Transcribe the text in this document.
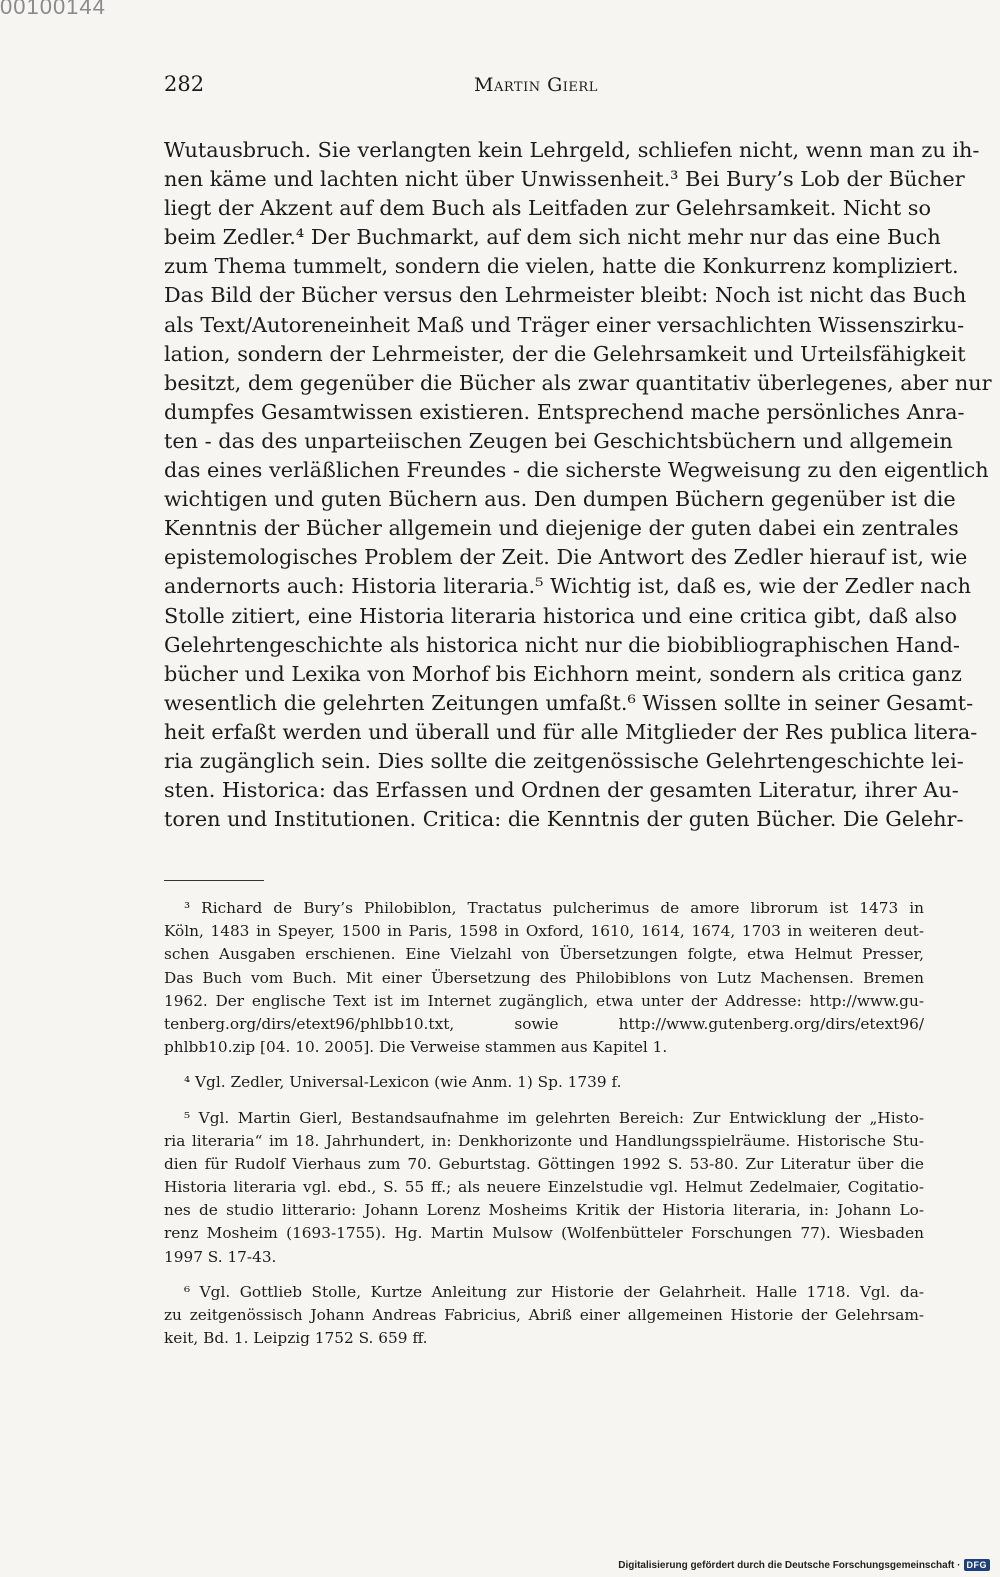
00100144
282	Martin Gierl
Wutausbruch. Sie verlangten kein Lehrgeld, schliefen nicht, wenn man zu ih-
nen käme und lachten nicht über Unwissenheit.³ Bei Bury’s Lob der Bücher
liegt der Akzent auf dem Buch als Leitfaden zur Gelehrsamkeit. Nicht so
beim Zedler.⁴ Der Buchmarkt, auf dem sich nicht mehr nur das eine Buch
zum Thema tummelt, sondern die vielen, hatte die Konkurrenz kompliziert.
Das Bild der Bücher versus den Lehrmeister bleibt: Noch ist nicht das Buch
als Text/Autoreneinheit Maß und Träger einer versachlichten Wissenszirku-
lation, sondern der Lehrmeister, der die Gelehrsamkeit und Urteilsfähigkeit
besitzt, dem gegenüber die Bücher als zwar quantitativ überlegenes, aber nur
dumpfes Gesamtwissen existieren. Entsprechend mache persönliches Anra-
ten - das des unparteiischen Zeugen bei Geschichtsbüchern und allgemein
das eines verläßlichen Freundes - die sicherste Wegweisung zu den eigentlich
wichtigen und guten Büchern aus. Den dumpen Büchern gegenüber ist die
Kenntnis der Bücher allgemein und diejenige der guten dabei ein zentrales
epistemologisches Problem der Zeit. Die Antwort des Zedler hierauf ist, wie
andernorts auch: Historia literaria.⁵ Wichtig ist, daß es, wie der Zedler nach
Stolle zitiert, eine Historia literaria historica und eine critica gibt, daß also
Gelehrtengeschichte als historica nicht nur die biobibliographischen Hand-
bücher und Lexika von Morhof bis Eichhorn meint, sondern als critica ganz
wesentlich die gelehrten Zeitungen umfaßt.⁶ Wissen sollte in seiner Gesamt-
heit erfaßt werden und überall und für alle Mitglieder der Res publica litera-
ria zugänglich sein. Dies sollte die zeitgenössische Gelehrtengeschichte lei-
sten. Historica: das Erfassen und Ordnen der gesamten Literatur, ihrer Au-
toren und Institutionen. Critica: die Kenntnis der guten Bücher. Die Gelehr-
³ Richard de Bury’s Philobiblon, Tractatus pulcherimus de amore librorum ist 1473 in
Köln, 1483 in Speyer, 1500 in Paris, 1598 in Oxford, 1610, 1614, 1674, 1703 in weiteren deut-
schen Ausgaben erschienen. Eine Vielzahl von Übersetzungen folgte, etwa Helmut Presser,
Das Buch vom Buch. Mit einer Übersetzung des Philobiblons von Lutz Machensen. Bremen
1962. Der englische Text ist im Internet zugänglich, etwa unter der Addresse: http://www.gu-
tenberg.org/dirs/etext96/phlbb10.txt, sowie http://www.gutenberg.org/dirs/etext96/
phlbb10.zip [04. 10. 2005]. Die Verweise stammen aus Kapitel 1.
⁴ Vgl. Zedler, Universal-Lexicon (wie Anm. 1) Sp. 1739 f.
⁵ Vgl. Martin Gierl, Bestandsaufnahme im gelehrten Bereich: Zur Entwicklung der „Histo-
ria literaria“ im 18. Jahrhundert, in: Denkhorizonte und Handlungsspielräume. Historische Stu-
dien für Rudolf Vierhaus zum 70. Geburtstag. Göttingen 1992 S. 53-80. Zur Literatur über die
Historia literaria vgl. ebd., S. 55 ff.; als neuere Einzelstudie vgl. Helmut Zedelmaier, Cogitatio-
nes de studio litterario: Johann Lorenz Mosheims Kritik der Historia literaria, in: Johann Lo-
renz Mosheim (1693-1755). Hg. Martin Mulsow (Wolfenbütteler Forschungen 77). Wiesbaden
1997 S. 17-43.
⁶ Vgl. Gottlieb Stolle, Kurtze Anleitung zur Historie der Gelahrheit. Halle 1718. Vgl. da-
zu zeitgenössisch Johann Andreas Fabricius, Abriß einer allgemeinen Historie der Gelehrsam-
keit, Bd. 1. Leipzig 1752 S. 659 ff.
Digitalisierung gefördert durch die Deutsche Forschungsgemeinschaft · DFG
